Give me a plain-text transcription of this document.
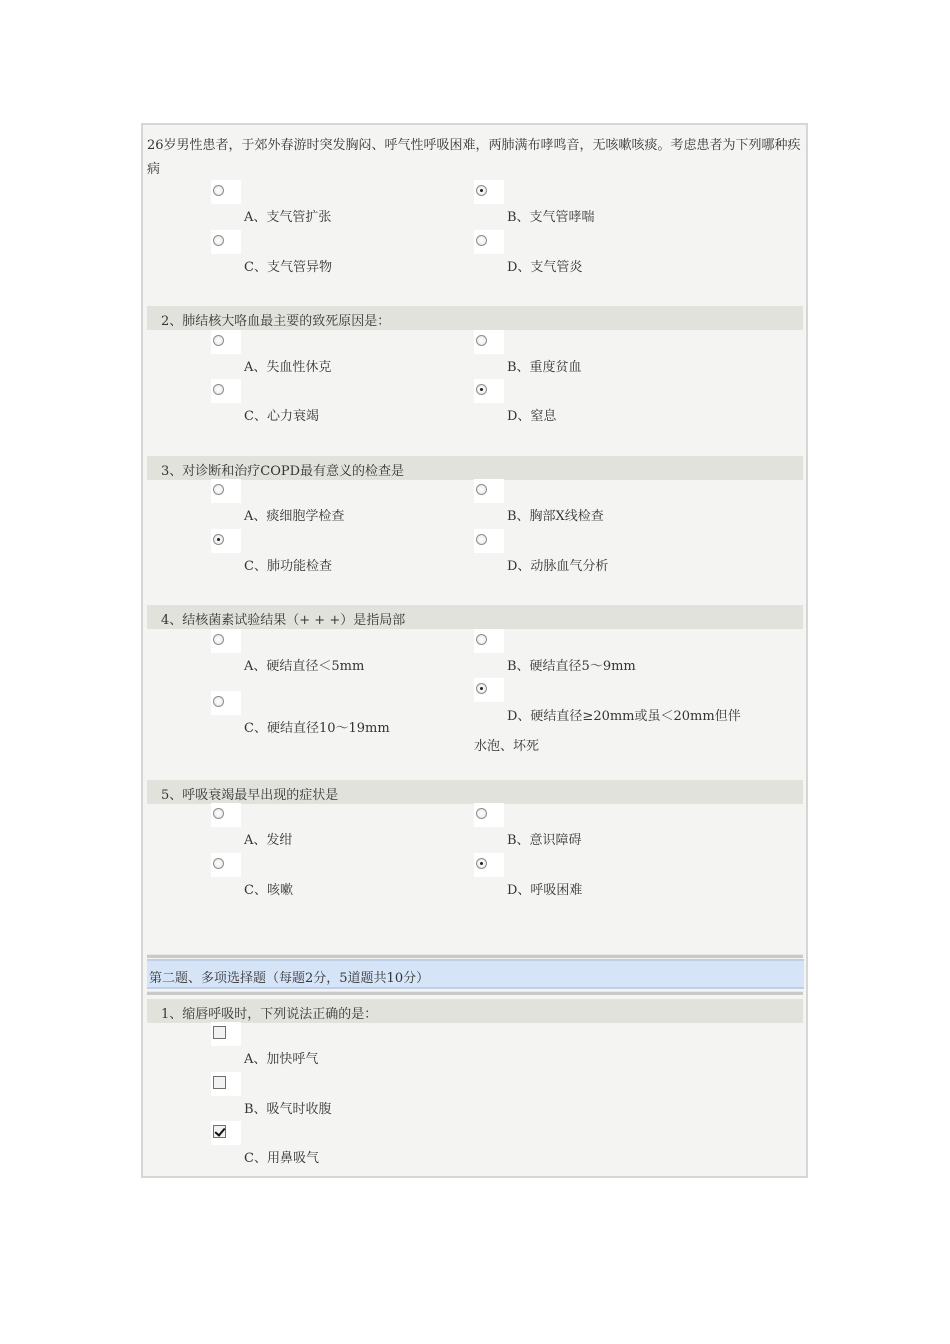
26岁男性患者，于郊外春游时突发胸闷、呼气性呼吸困难，两肺满布哮鸣音，无咳嗽咳痰。考虑患者为下列哪种疾病
A、支气管扩张	B、支气管哮喘
C、支气管异物	D、支气管炎
2、肺结核大咯血最主要的致死原因是：
A、失血性休克	B、重度贫血
C、心力衰竭	D、窒息
3、对诊断和治疗COPD最有意义的检查是
A、痰细胞学检查	B、胸部X线检查
C、肺功能检查	D、动脉血气分析
4、结核菌素试验结果（+ + +）是指局部
A、硬结直径＜5mm	B、硬结直径5～9mm
C、硬结直径10～19mm
D、硬结直径≥20mm或虽＜20mm但伴
水泡、坏死
5、呼吸衰竭最早出现的症状是
A、发绀	B、意识障碍
C、咳嗽	D、呼吸困难
第二题、多项选择题（每题2分，5道题共10分）
1、缩唇呼吸时，下列说法正确的是：
A、加快呼气
B、吸气时收腹
C、用鼻吸气
